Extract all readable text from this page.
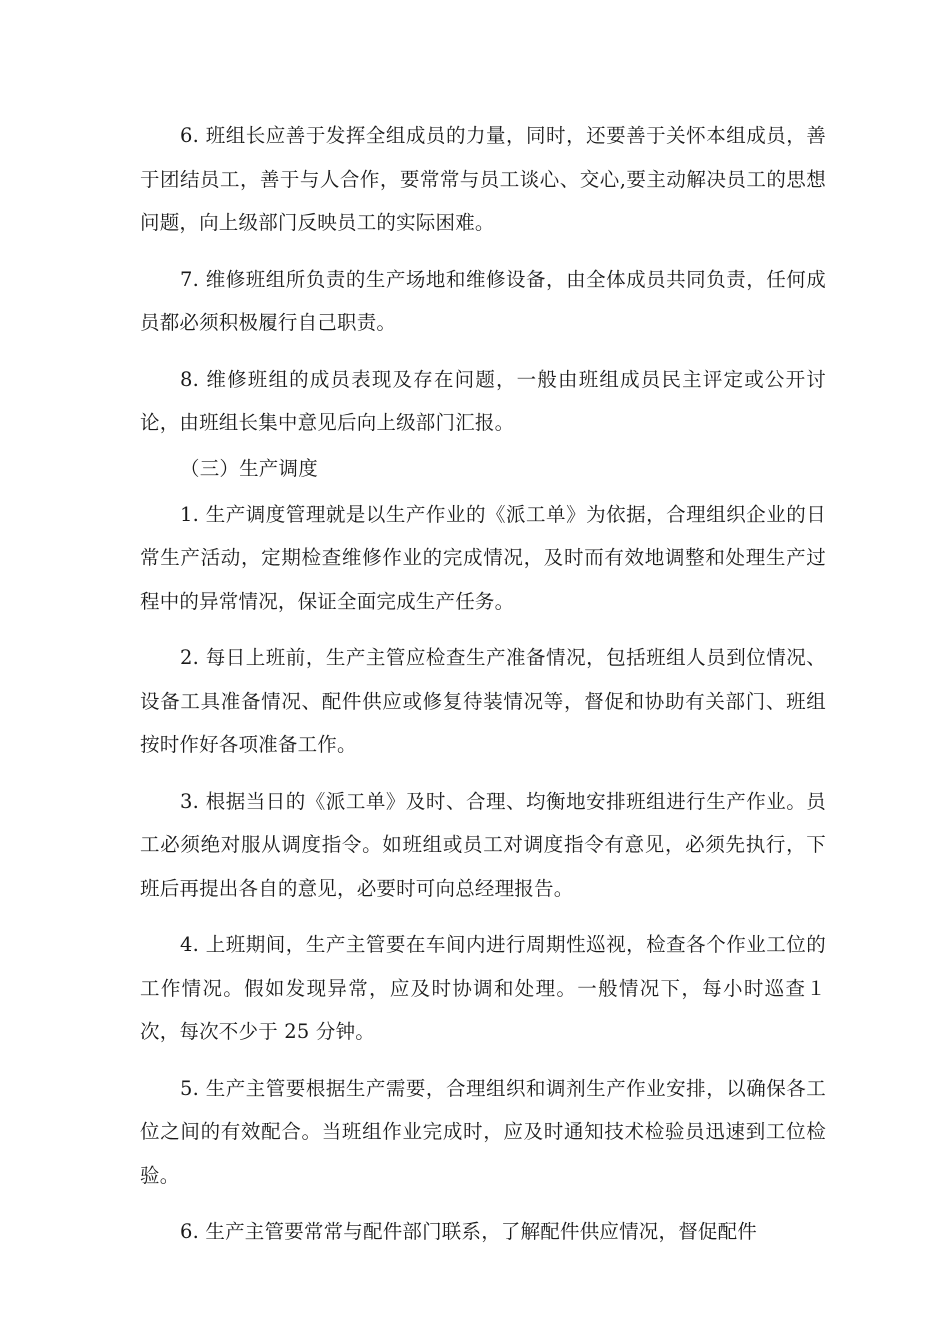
6. 班组长应善于发挥全组成员的力量，同时，还要善于关怀本组成员，善于团结员工，善于与人合作，要常常与员工谈心、交心,要主动解决员工的思想问题，向上级部门反映员工的实际困难。

7. 维修班组所负责的生产场地和维修设备，由全体成员共同负责，任何成员都必须积极履行自己职责。

8. 维修班组的成员表现及存在问题，一般由班组成员民主评定或公开讨论，由班组长集中意见后向上级部门汇报。

（三）生产调度

1. 生产调度管理就是以生产作业的《派工单》为依据，合理组织企业的日常生产活动，定期检查维修作业的完成情况，及时而有效地调整和处理生产过程中的异常情况，保证全面完成生产任务。

2. 每日上班前，生产主管应检查生产准备情况，包括班组人员到位情况、设备工具准备情况、配件供应或修复待装情况等，督促和协助有关部门、班组按时作好各项准备工作。

3. 根据当日的《派工单》及时、合理、均衡地安排班组进行生产作业。员工必须绝对服从调度指令。如班组或员工对调度指令有意见，必须先执行，下班后再提出各自的意见，必要时可向总经理报告。

4. 上班期间，生产主管要在车间内进行周期性巡视，检查各个作业工位的工作情况。假如发现异常，应及时协调和处理。一般情况下，每小时巡查１次，每次不少于 25 分钟。

5. 生产主管要根据生产需要，合理组织和调剂生产作业安排，以确保各工位之间的有效配合。当班组作业完成时，应及时通知技术检验员迅速到工位检验。

6. 生产主管要常常与配件部门联系，了解配件供应情况，督促配件
